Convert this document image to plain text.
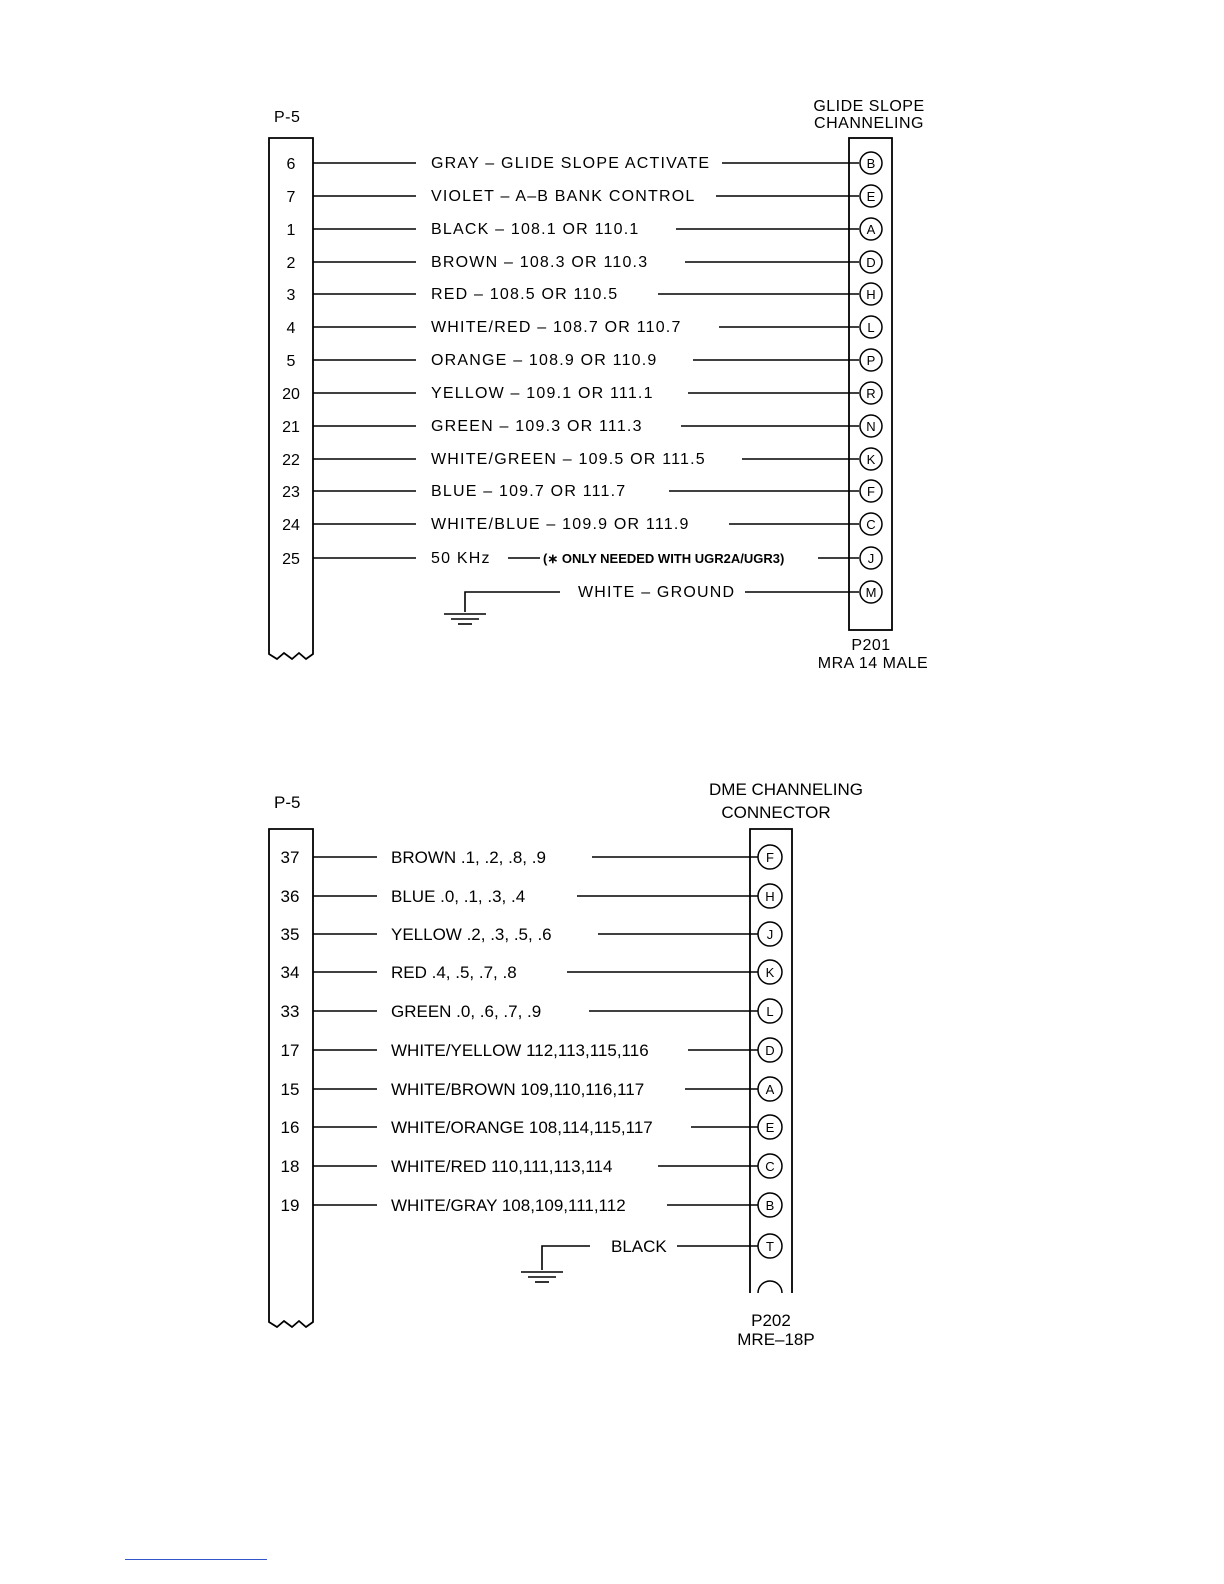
P-5
GLIDE SLOPE
CHANNELING
6	GRAY – GLIDE SLOPE ACTIVATE	B
7	VIOLET – A–B BANK CONTROL	E
1	BLACK – 108.1 OR 110.1	A
2	BROWN – 108.3 OR 110.3	D
3	RED – 108.5 OR 110.5	H
4	WHITE/RED – 108.7 OR 110.7	L
5	ORANGE – 108.9 OR 110.9	P
20	YELLOW – 109.1 OR 111.1	R
21	GREEN – 109.3 OR 111.3	N
22	WHITE/GREEN – 109.5 OR 111.5	K
23	BLUE – 109.7 OR 111.7	F
24	WHITE/BLUE – 109.9 OR 111.9	C
25	50 KHz	J
(∗ ONLY NEEDED WITH UGR2A/UGR3)
WHITE – GROUND	M
P201
MRA 14 MALE
P-5
DME CHANNELING
CONNECTOR
37	BROWN .1, .2, .8, .9	F
36	BLUE .0, .1, .3, .4	H
35	YELLOW .2, .3, .5, .6	J
34	RED .4, .5, .7, .8	K
33	GREEN .0, .6, .7, .9	L
17	WHITE/YELLOW 112,113,115,116	D
15	WHITE/BROWN 109,110,116,117	A
16	WHITE/ORANGE 108,114,115,117	E
18	WHITE/RED 110,111,113,114	C
19	WHITE/GRAY 108,109,111,112	B
BLACK	T
P202
MRE–18P
